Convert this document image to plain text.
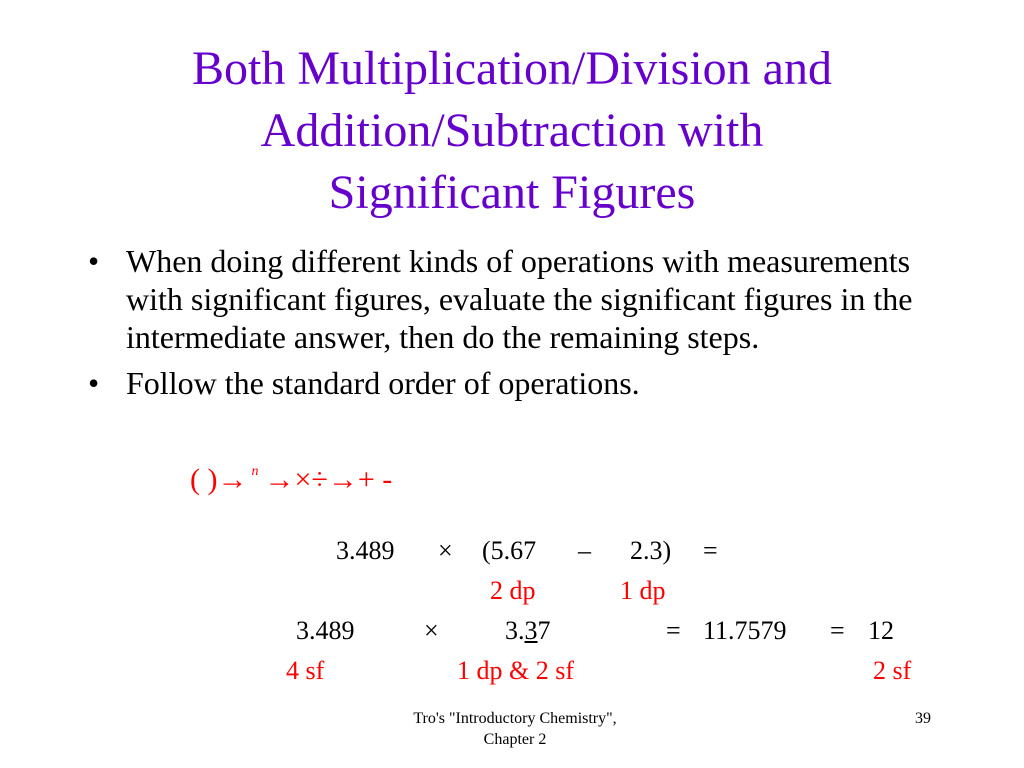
Both Multiplication/Division and
Addition/Subtraction with
Significant Figures
• When doing different kinds of operations with measurements with significant figures, evaluate the significant figures in the intermediate answer, then do the remaining steps.
• Follow the standard order of operations.
( )→ $^n$ →×÷→+ -
3.489 × (5.67 – 2.3) =
2 dp	1 dp
3.489	×	3.37	= 11.7579 = 12
4 sf	1 dp & 2 sf	2 sf
Tro's "Introductory Chemistry",
Chapter 2
39
